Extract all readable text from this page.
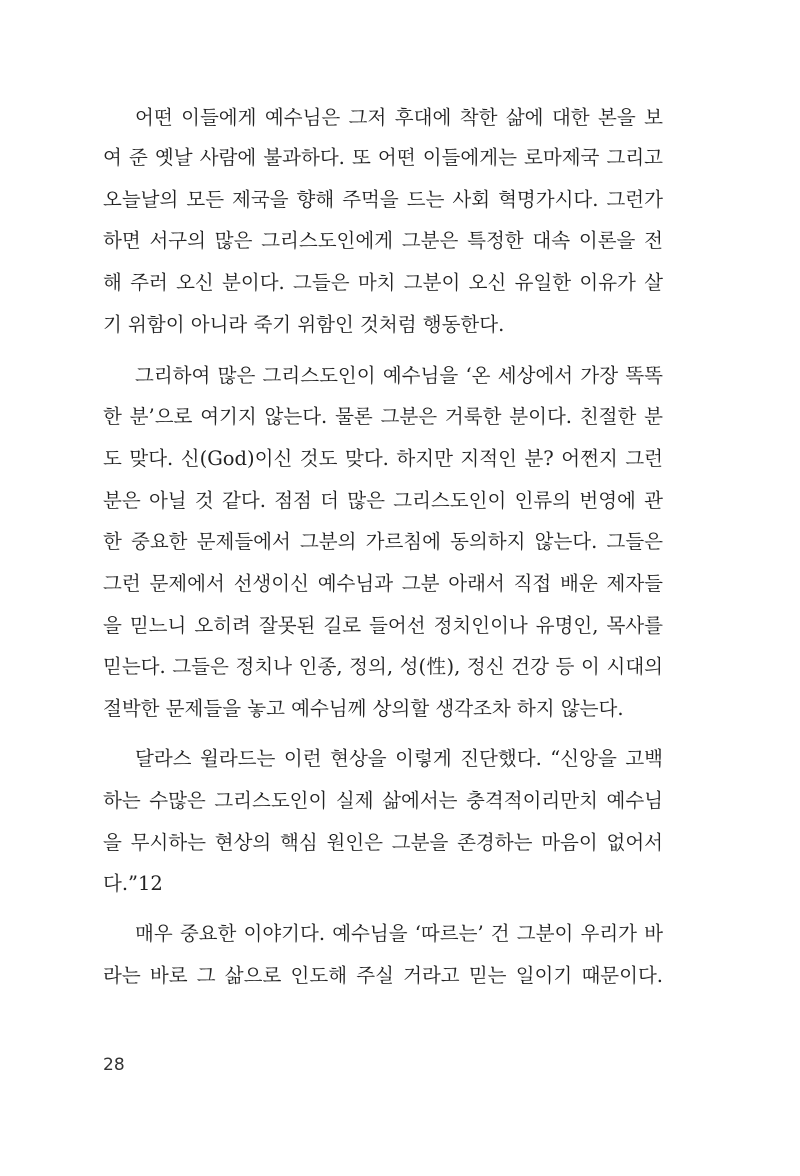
어떤 이들에게 예수님은 그저 후대에 착한 삶에 대한 본을 보
여 준 옛날 사람에 불과하다. 또 어떤 이들에게는 로마제국 그리고
오늘날의 모든 제국을 향해 주먹을 드는 사회 혁명가시다. 그런가
하면 서구의 많은 그리스도인에게 그분은 특정한 대속 이론을 전
해 주러 오신 분이다. 그들은 마치 그분이 오신 유일한 이유가 살
기 위함이 아니라 죽기 위함인 것처럼 행동한다.
그리하여 많은 그리스도인이 예수님을 ‘온 세상에서 가장 똑똑
한 분’으로 여기지 않는다. 물론 그분은 거룩한 분이다. 친절한 분
도 맞다. 신(God)이신 것도 맞다. 하지만 지적인 분? 어쩐지 그런
분은 아닐 것 같다. 점점 더 많은 그리스도인이 인류의 번영에 관
한 중요한 문제들에서 그분의 가르침에 동의하지 않는다. 그들은
그런 문제에서 선생이신 예수님과 그분 아래서 직접 배운 제자들
을 믿느니 오히려 잘못된 길로 들어선 정치인이나 유명인, 목사를
믿는다. 그들은 정치나 인종, 정의, 성(性), 정신 건강 등 이 시대의
절박한 문제들을 놓고 예수님께 상의할 생각조차 하지 않는다.
달라스 윌라드는 이런 현상을 이렇게 진단했다. “신앙을 고백
하는 수많은 그리스도인이 실제 삶에서는 충격적이리만치 예수님
을 무시하는 현상의 핵심 원인은 그분을 존경하는 마음이 없어서
다.”12
매우 중요한 이야기다. 예수님을 ‘따르는’ 건 그분이 우리가 바
라는 바로 그 삶으로 인도해 주실 거라고 믿는 일이기 때문이다.
28
